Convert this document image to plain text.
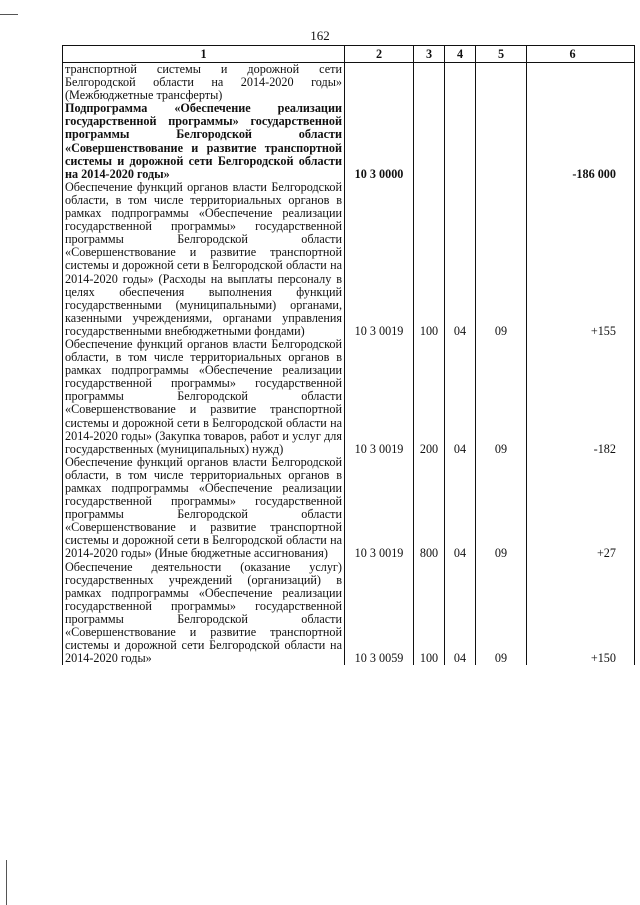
162
1	2	3	4	5	6
транспортной системы и дорожной сети Белгородской области на 2014-2020 годы» (Межбюджетные трансферты)					
Подпрограмма «Обеспечение реализации государственной программы» государственной программы Белгородской области «Совершенствование и развитие транспортной системы и дорожной сети Белгородской области на 2014-2020 годы»	10 3 0000				-186 000
Обеспечение функций органов власти Белгородской области, в том числе территориальных органов в рамках подпрограммы «Обеспечение реализации государственной программы» государственной программы Белгородской области «Совершенствование и развитие транспортной системы и дорожной сети в Белгородской области на 2014-2020 годы» (Расходы на выплаты персоналу в целях обеспечения выполнения функций государственными (муниципальными) органами, казенными учреждениями, органами управления государственными внебюджетными фондами)	10 3 0019	100	04	09	+155
Обеспечение функций органов власти Белгородской области, в том числе территориальных органов в рамках подпрограммы «Обеспечение реализации государственной программы» государственной программы Белгородской области «Совершенствование и развитие транспортной системы и дорожной сети в Белгородской области на 2014-2020 годы» (Закупка товаров, работ и услуг для государственных (муниципальных) нужд)	10 3 0019	200	04	09	-182
Обеспечение функций органов власти Белгородской области, в том числе территориальных органов в рамках подпрограммы «Обеспечение реализации государственной программы» государственной программы Белгородской области «Совершенствование и развитие транспортной системы и дорожной сети в Белгородской области на 2014-2020 годы» (Иные бюджетные ассигнования)	10 3 0019	800	04	09	+27
Обеспечение деятельности (оказание услуг) государственных учреждений (организаций) в рамках подпрограммы «Обеспечение реализации государственной программы» государственной программы Белгородской области «Совершенствование и развитие транспортной системы и дорожной сети Белгородской области на 2014-2020 годы»	10 3 0059	100	04	09	+150
